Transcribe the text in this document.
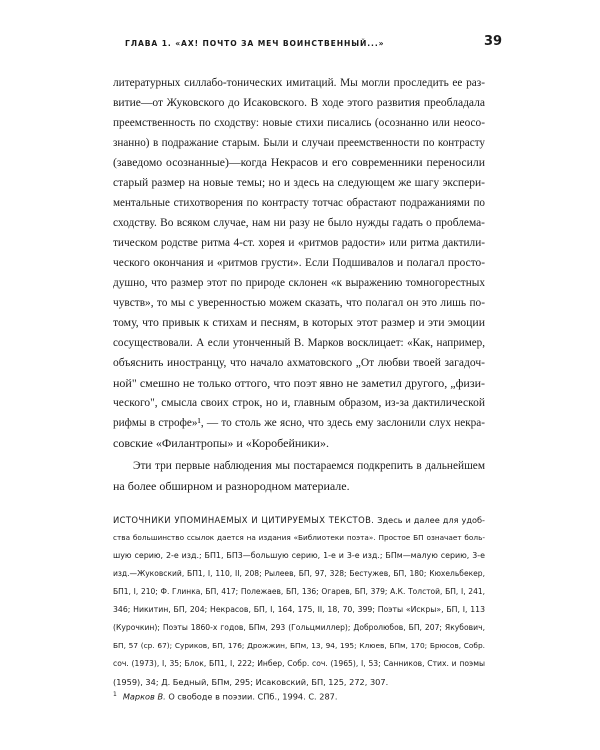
ГЛАВА 1. «АХ! ПОЧТО ЗА МЕЧ ВОИНСТВЕННЫЙ...»	39
литературных силлабо-тонических имитаций. Мы могли проследить ее раз-
витие—от Жуковского до Исаковского. В ходе этого развития преобладала
преемственность по сходству: новые стихи писались (осознанно или неосо-
знанно) в подражание старым. Были и случаи преемственности по контрасту
(заведомо осознанные)—когда Некрасов и его современники переносили
старый размер на новые темы; но и здесь на следующем же шагу экспери-
ментальные стихотворения по контрасту тотчас обрастают подражаниями по
сходству. Во всяком случае, нам ни разу не было нужды гадать о проблема-
тическом родстве ритма 4-ст. хорея и «ритмов радости» или ритма дактили-
ческого окончания и «ритмов грусти». Если Подшивалов и полагал просто-
душно, что размер этот по природе склонен «к выражению томногорестных
чувств», то мы с уверенностью можем сказать, что полагал он это лишь по-
тому, что привык к стихам и песням, в которых этот размер и эти эмоции
сосуществовали. А если утонченный В. Марков восклицает: «Как, например,
объяснить иностранцу, что начало ахматовского „От любви твоей загадоч-
ной" смешно не только оттого, что поэт явно не заметил другого, „физи-
ческого", смысла своих строк, но и, главным образом, из-за дактилической
рифмы в строфе»¹, — то столь же ясно, что здесь ему заслонили слух некра-
совские «Филантропы» и «Коробейники».
Эти три первые наблюдения мы постараемся подкрепить в дальнейшем
на более обширном и разнородном материале.
ИСТОЧНИКИ УПОМИНАЕМЫХ И ЦИТИРУЕМЫХ ТЕКСТОВ. Здесь и далее для удоб-
ства большинство ссылок дается на издания «Библиотеки поэта». Простое БП означает боль-
шую серию, 2-е изд.; БП1, БП3—большую серию, 1-е и 3-е изд.; БПм—малую серию, 3-е
изд.—Жуковский, БП1, I, 110, II, 208; Рылеев, БП, 97, 328; Бестужев, БП, 180; Кюхельбекер,
БП1, I, 210; Ф. Глинка, БП, 417; Полежаев, БП, 136; Огарев, БП, 379; А.К. Толстой, БП, I, 241,
346; Никитин, БП, 204; Некрасов, БП, I, 164, 175, II, 18, 70, 399; Поэты «Искры», БП, I, 113
(Курочкин); Поэты 1860-х годов, БПм, 293 (Гольцмиллер); Добролюбов, БП, 207; Якубович,
БП, 57 (ср. 67); Суриков, БП, 176; Дрожжин, БПм, 13, 94, 195; Клюев, БПм, 170; Брюсов, Собр.
соч. (1973), I, 35; Блок, БП1, I, 222; Инбер, Собр. соч. (1965), I, 53; Санников, Стих. и поэмы
(1959), 34; Д. Бедный, БПм, 295; Исаковский, БП, 125, 272, 307.
$^1$ Марков В. О свободе в поэзии. СПб., 1994. С. 287.
